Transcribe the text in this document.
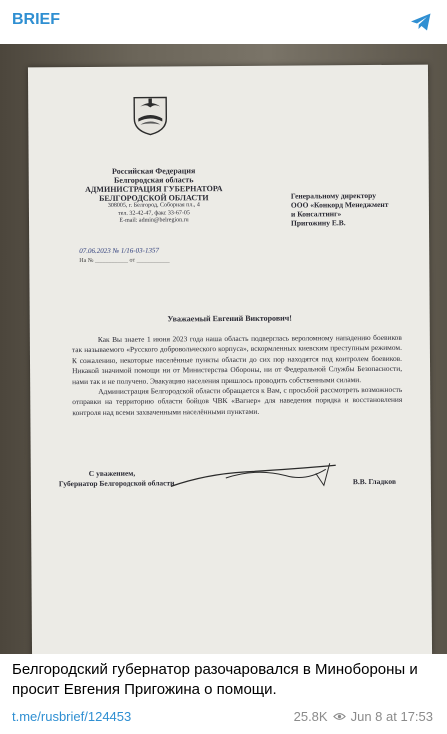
BRIEF
Российская Федерация
Белгородская область
АДМИНИСТРАЦИЯ ГУБЕРНАТОРА
БЕЛГОРОДСКОЙ ОБЛАСТИ
308005, г. Белгород, Соборная пл., 4
тел. 32-42-47, факс 33-67-05
E-mail: admin@belregion.ru
Генеральному директору
ООО «Конкорд Менеджмент
и Консалтинг»
Пригожину Е.В.
07.06.2023 № 1/16-03-1357
На № ___________ от ___________
Уважаемый Евгений Викторович!

Как Вы знаете 1 июня 2023 года наша область подверглась вероломному нападению боевиков так называемого «Русского добровольческого корпуса», вскормленных киевским преступным режимом. К сожалению, некоторые населённые пункты области до сих пор находятся под контролем боевиков. Никакой значимой помощи ни от Министерства Обороны, ни от Федеральной Службы Безопасности, нами так и не получено. Эвакуацию населения пришлось проводить собственными силами.

Администрация Белгородской области обращается к Вам, с просьбой рассмотреть возможность отправки на территорию области бойцов ЧВК «Вагнер» для наведения порядка и восстановления контроля над всеми захваченными населёнными пунктами.

С уважением,
Губернатор Белгородской области	В.В. Гладков
Белгородский губернатор разочаровался в Минобороны и просит Евгения Пригожина о помощи.
t.me/rusbrief/124453	25.8K Jun 8 at 17:53
